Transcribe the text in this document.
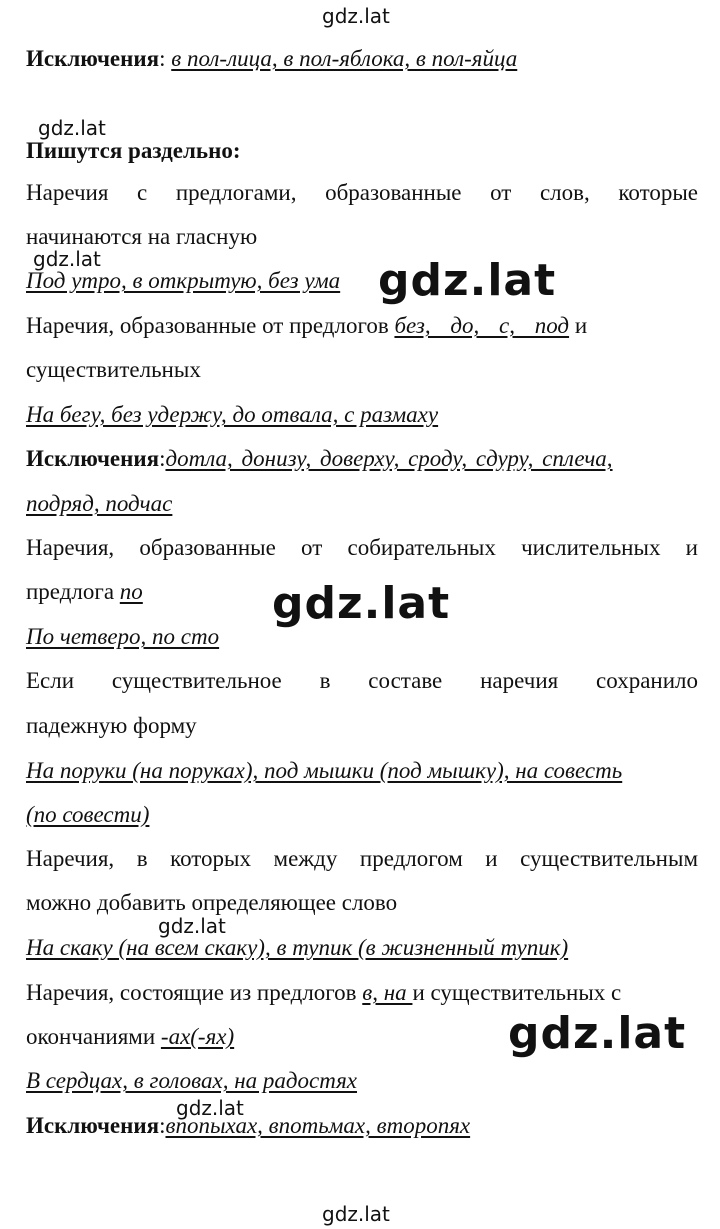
gdz.lat
gdz.lat
gdz.lat
Исключения: в пол-лица, в пол-яблока, в пол-яйца
Пишутся раздельно:
Наречия с предлогами, образованные от слов, которые
начинаются на гласную
Под утро, в открытую, без ума
Наречия, образованные от предлогов без, до, с, под и
существительных
На бегу, без удержу, до отвала, с размаху
Исключения:дотла, донизу, доверху, сроду, сдуру, сплеча,
подряд, подчас
Наречия, образованные от собирательных числительных и
предлога по
По четверо, по сто
Если существительное в составе наречия сохранило
падежную форму
На поруки (на поруках), под мышки (под мышку), на совесть
(по совести)
Наречия, в которых между предлогом и существительным
можно добавить определяющее слово
На скаку (на всем скаку), в тупик (в жизненный тупик)
Наречия, состоящие из предлогов в, на и существительных с
окончаниями -ах(-ях)
В сердцах, в головах, на радостях
Исключения:впопыхах, впотьмах, второпях
gdz.lat
gdz.lat
gdz.lat
gdz.lat
gdz.lat
gdz.lat
